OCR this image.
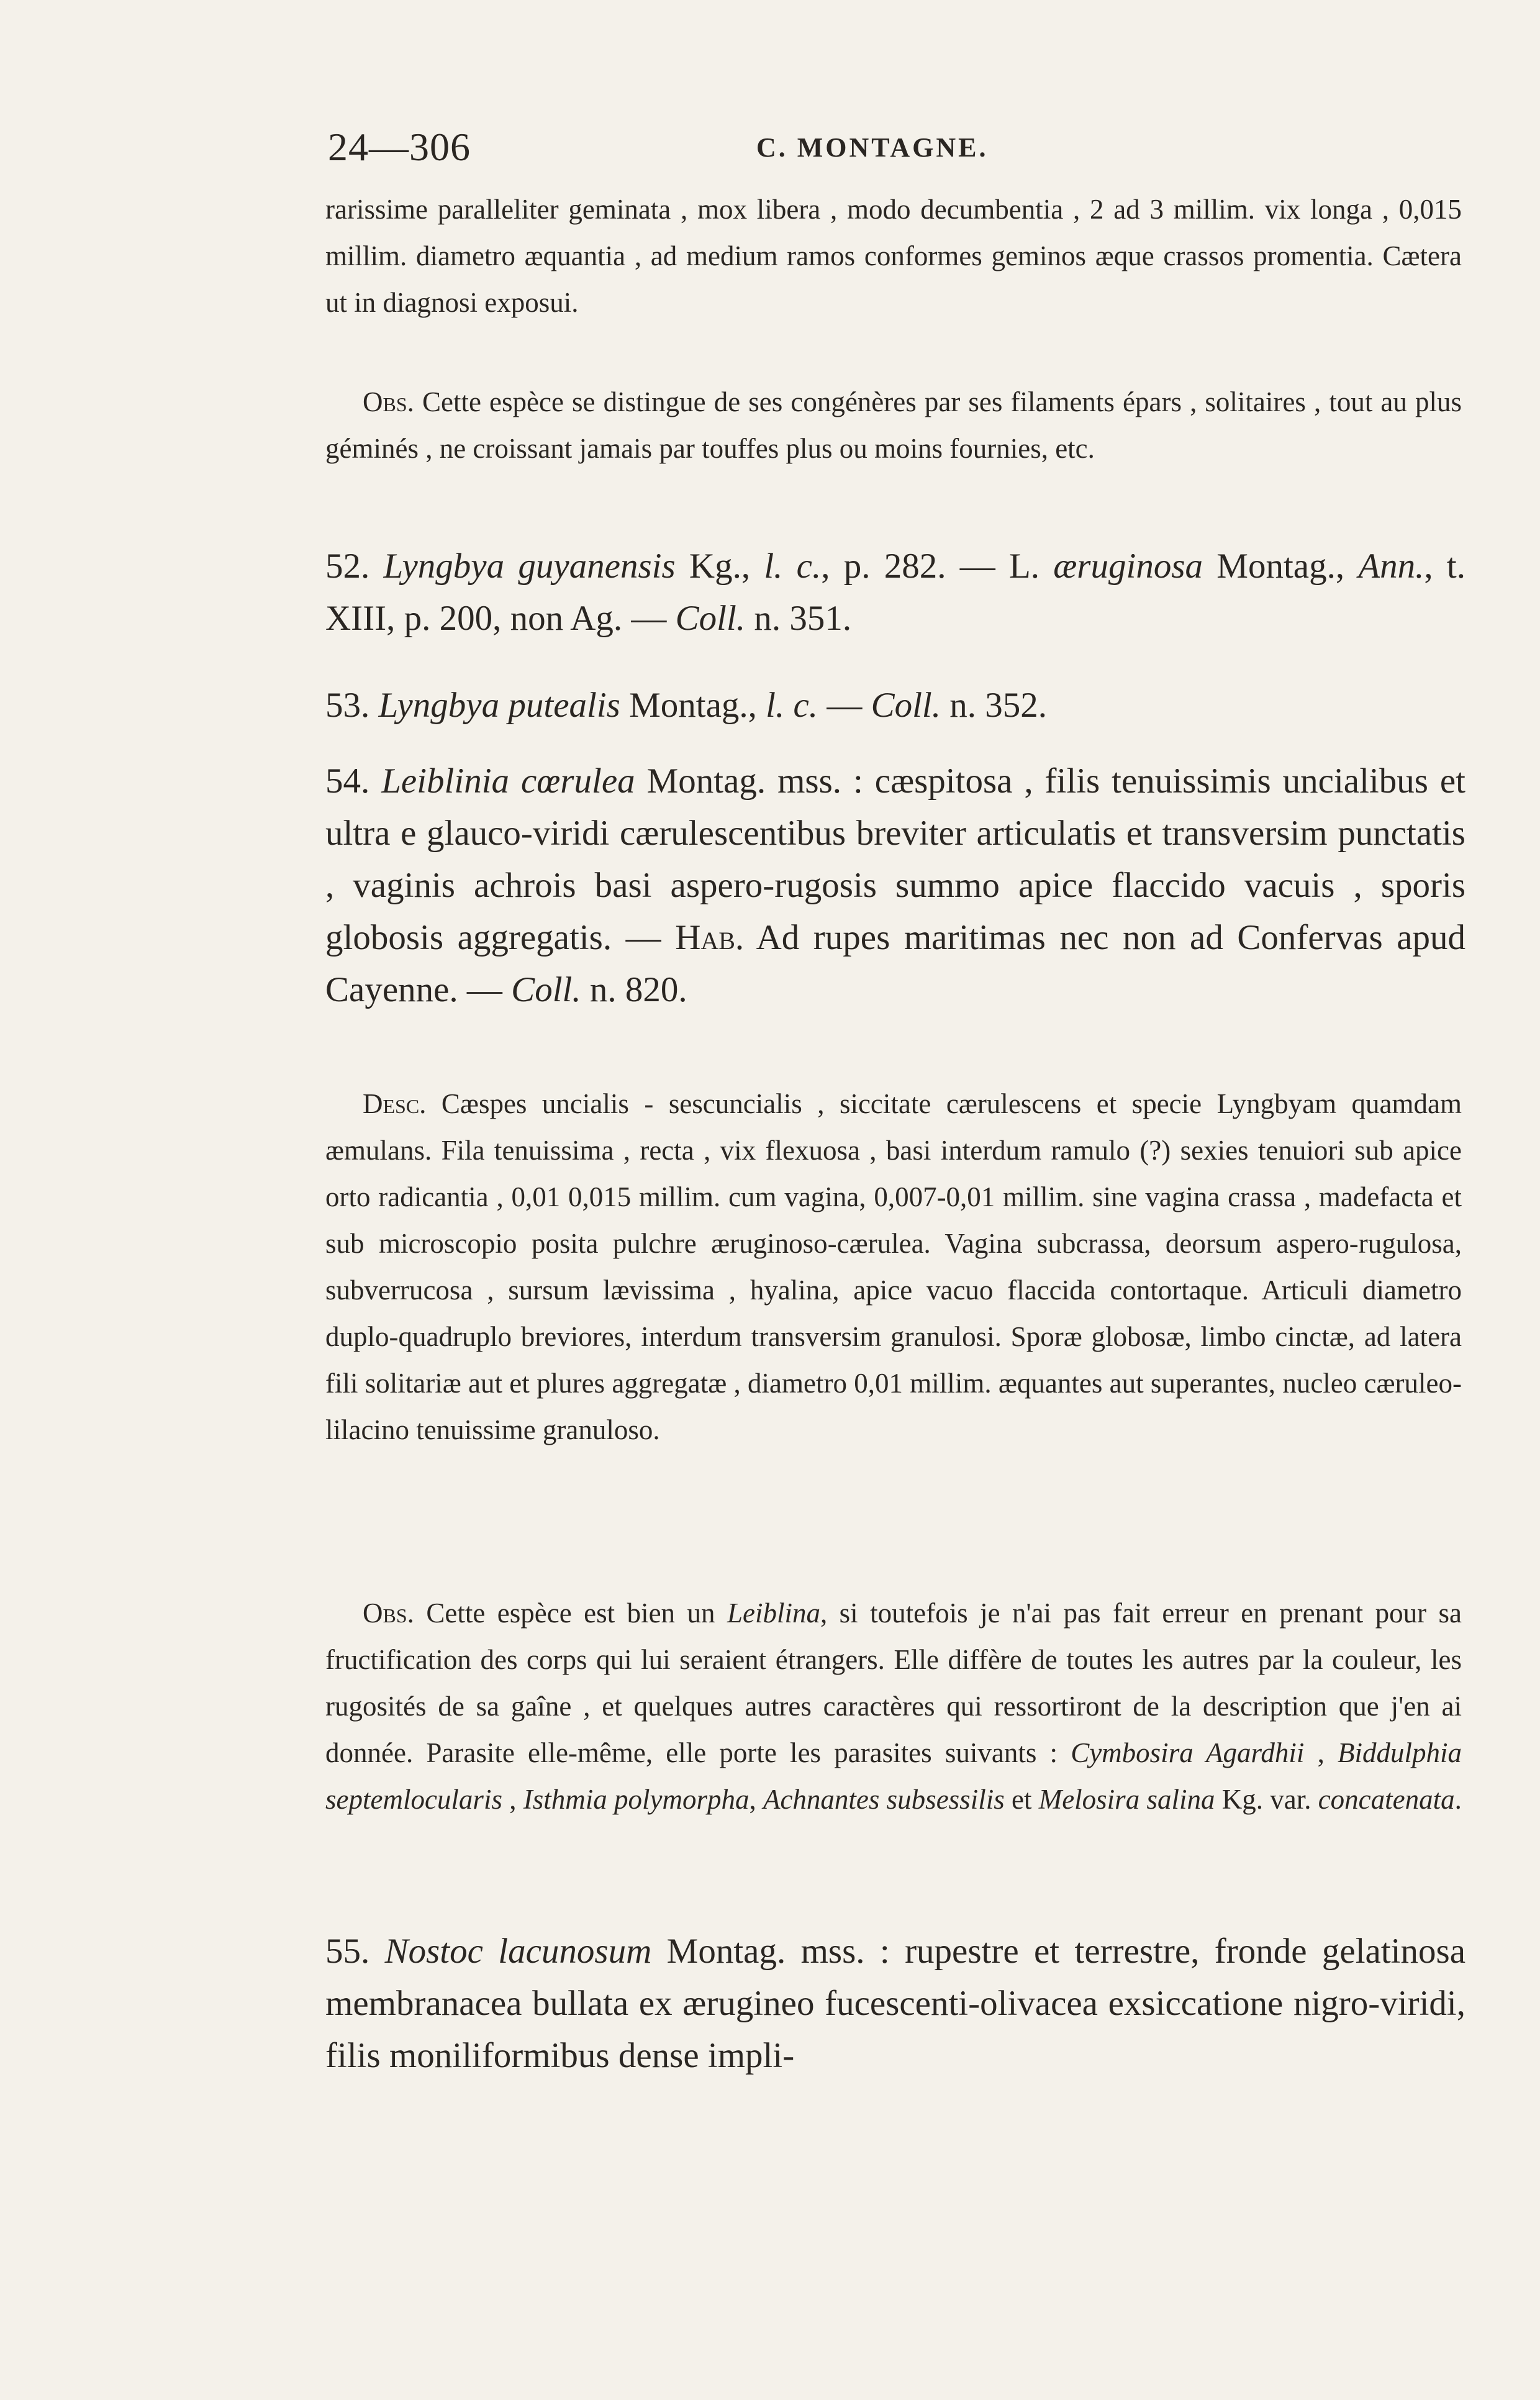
24—306	C. MONTAGNE.
rarissime paralleliter geminata , mox libera , modo decumbentia , 2 ad 3 millim. vix longa , 0,015 millim. diametro æquantia , ad medium ramos conformes geminos æque crassos promentia. Cætera ut in diagnosi exposui.
Obs. Cette espèce se distingue de ses congénères par ses filaments épars , solitaires , tout au plus géminés , ne croissant jamais par touffes plus ou moins fournies, etc.
52. Lyngbya guyanensis Kg., l. c., p. 282. — L. æruginosa Montag., Ann., t. XIII, p. 200, non Ag. — Coll. n. 351.
53. Lyngbya putealis Montag., l. c. — Coll. n. 352.
54. Leiblinia cœrulea Montag. mss. : cæspitosa , filis tenuissimis uncialibus et ultra e glauco-viridi cærulescentibus breviter articulatis et transversim punctatis , vaginis achrois basi aspero-rugosis summo apice flaccido vacuis , sporis globosis aggregatis. — Hab. Ad rupes maritimas nec non ad Confervas apud Cayenne. — Coll. n. 820.
Desc. Cæspes uncialis - sescuncialis , siccitate cærulescens et specie Lyngbyam quamdam æmulans. Fila tenuissima , recta , vix flexuosa , basi interdum ramulo (?) sexies tenuiori sub apice orto radicantia , 0,01 0,015 millim. cum vagina, 0,007-0,01 millim. sine vagina crassa , madefacta et sub microscopio posita pulchre æruginoso-cærulea. Vagina subcrassa, deorsum aspero-rugulosa, subverrucosa , sursum lævissima , hyalina, apice vacuo flaccida contortaque. Articuli diametro duplo-quadruplo breviores, interdum transversim granulosi. Sporæ globosæ, limbo cinctæ, ad latera fili solitariæ aut et plures aggregatæ , diametro 0,01 millim. æquantes aut superantes, nucleo cæruleo-lilacino tenuissime granuloso.
Obs. Cette espèce est bien un Leiblina, si toutefois je n'ai pas fait erreur en prenant pour sa fructification des corps qui lui seraient étrangers. Elle diffère de toutes les autres par la couleur, les rugosités de sa gaîne , et quelques autres caractères qui ressortiront de la description que j'en ai donnée. Parasite elle-même, elle porte les parasites suivants : Cymbosira Agardhii , Biddulphia septemlocularis , Isthmia polymorpha, Achnantes subsessilis et Melosira salina Kg. var. concatenata.
55. Nostoc lacunosum Montag. mss. : rupestre et terrestre, fronde gelatinosa membranacea bullata ex ærugineo fucescenti-olivacea exsiccatione nigro-viridi, filis moniliformibus dense impli-
